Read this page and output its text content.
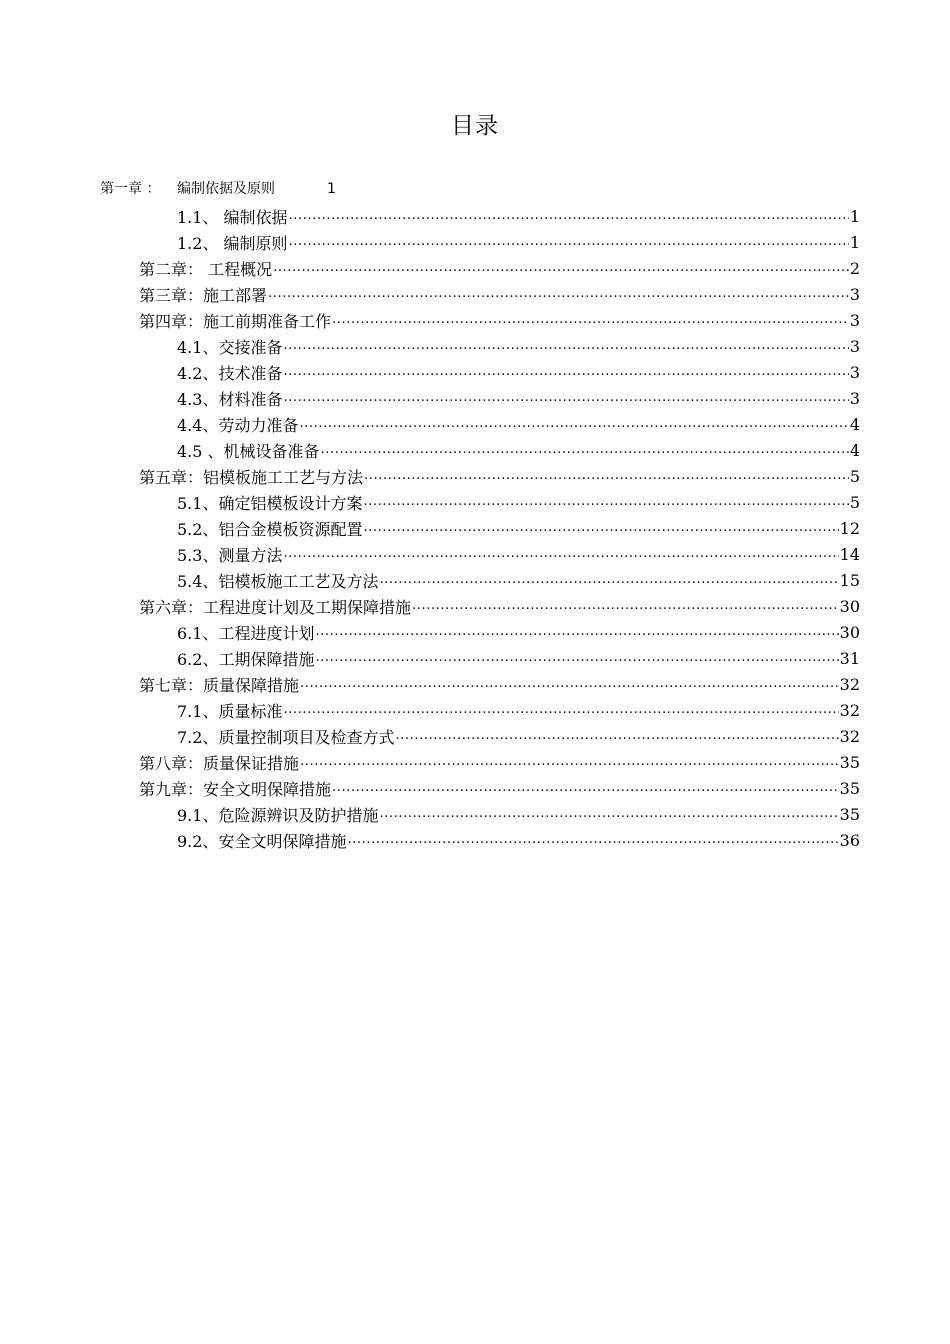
目录
第一章 ： 编制依据及原则	1
1.1、 编制依据 .....	1
1.2、 编制原则 .....	1
第二章： 工程概况 .....	2
第三章：施工部署 .....	3
第四章：施工前期准备工作 .....	3
4.1、交接准备 .....	3
4.2、技术准备 .....	3
4.3、材料准备 .....	3
4.4、劳动力准备 .....	4
4.5 、机械设备准备 .....	4
第五章：铝模板施工工艺与方法 .....	5
5.1、确定铝模板设计方案 .....	5
5.2、铝合金模板资源配置 .....	12
5.3、测量方法 .....	14
5.4、铝模板施工工艺及方法 .....	15
第六章：工程进度计划及工期保障措施 .....	30
6.1、工程进度计划 .....	30
6.2、工期保障措施 .....	31
第七章：质量保障措施 .....	32
7.1、质量标准 .....	32
7.2、质量控制项目及检查方式 .....	32
第八章：质量保证措施 .....	35
第九章：安全文明保障措施 .....	35
9.1、危险源辨识及防护措施 .....	35
9.2、安全文明保障措施 .....	36
